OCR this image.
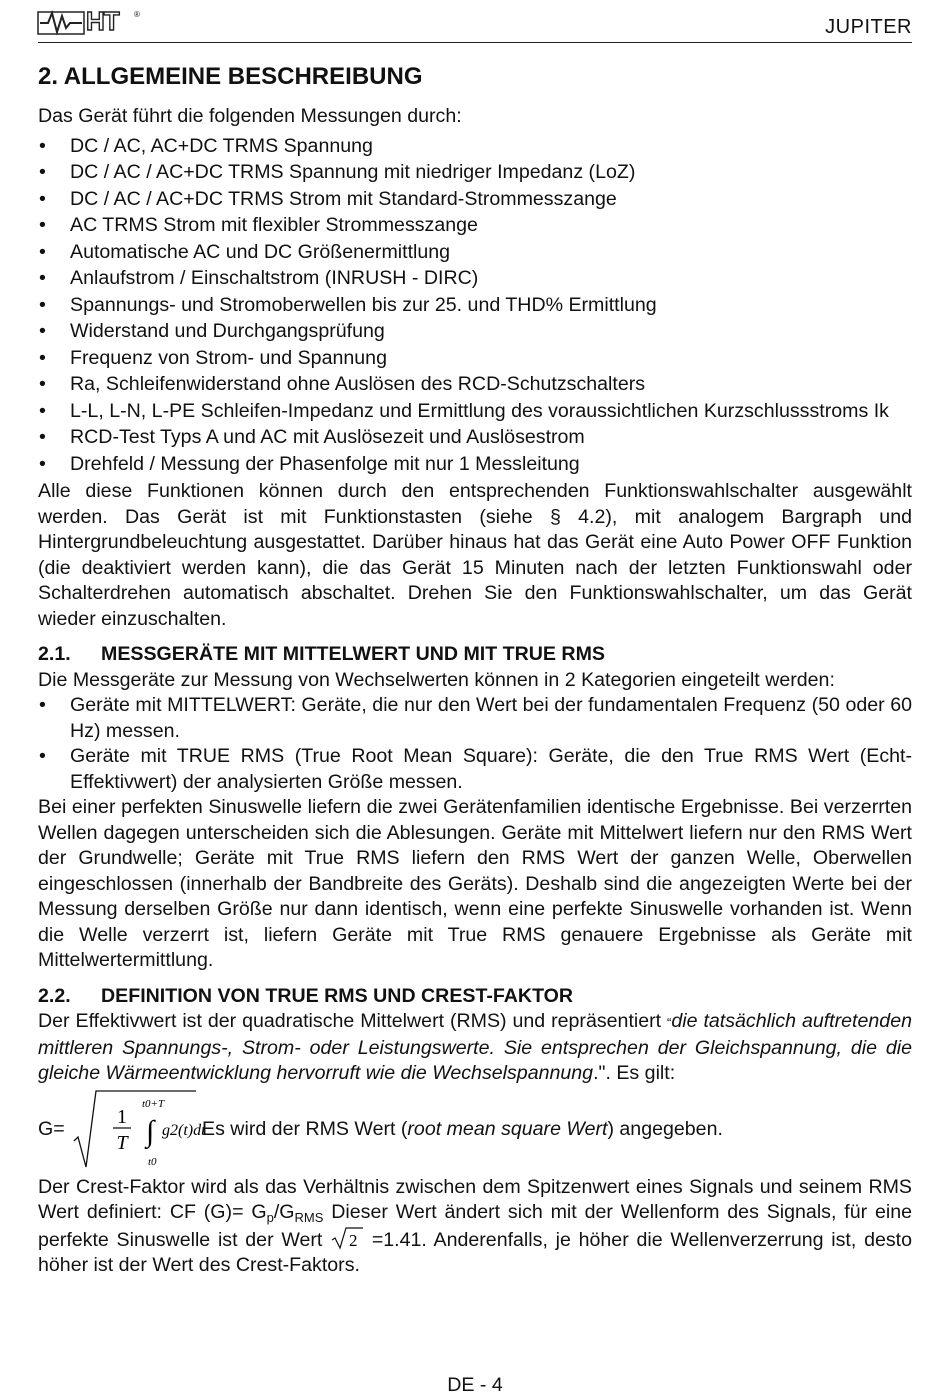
HT ®
JUPITER
2. ALLGEMEINE BESCHREIBUNG

Das Gerät führt die folgenden Messungen durch:

• DC / AC, AC+DC TRMS Spannung
• DC / AC / AC+DC TRMS Spannung mit niedriger Impedanz (LoZ)
• DC / AC / AC+DC TRMS Strom mit Standard-Strommesszange
• AC TRMS Strom mit flexibler Strommesszange
• Automatische AC und DC Größenermittlung
• Anlaufstrom / Einschaltstrom (INRUSH - DIRC)
• Spannungs- und Stromoberwellen bis zur 25. und THD% Ermittlung
• Widerstand und Durchgangsprüfung
• Frequenz von Strom- und Spannung
• Ra, Schleifenwiderstand ohne Auslösen des RCD-Schutzschalters
• L-L, L-N, L-PE Schleifen-Impedanz und Ermittlung des voraussichtlichen Kurzschlussstroms Ik
• RCD-Test Typs A und AC mit Auslösezeit und Auslösestrom
• Drehfeld / Messung der Phasenfolge mit nur 1 Messleitung

Alle diese Funktionen können durch den entsprechenden Funktionswahlschalter ausgewählt werden. Das Gerät ist mit Funktionstasten (siehe § 4.2), mit analogem Bargraph und Hintergrundbeleuchtung ausgestattet. Darüber hinaus hat das Gerät eine Auto Power OFF Funktion (die deaktiviert werden kann), die das Gerät 15 Minuten nach der letzten Funktionswahl oder Schalterdrehen automatisch abschaltet. Drehen Sie den Funktionswahlschalter, um das Gerät wieder einzuschalten.

2.1. MESSGERÄTE MIT MITTELWERT UND MIT TRUE RMS

Die Messgeräte zur Messung von Wechselwerten können in 2 Kategorien eingeteilt werden:

• Geräte mit MITTELWERT: Geräte, die nur den Wert bei der fundamentalen Frequenz (50 oder 60 Hz) messen.
• Geräte mit TRUE RMS (True Root Mean Square): Geräte, die den True RMS Wert (Echt-Effektivwert) der analysierten Größe messen.

Bei einer perfekten Sinuswelle liefern die zwei Gerätenfamilien identische Ergebnisse. Bei verzerrten Wellen dagegen unterscheiden sich die Ablesungen. Geräte mit Mittelwert liefern nur den RMS Wert der Grundwelle; Geräte mit True RMS liefern den RMS Wert der ganzen Welle, Oberwellen eingeschlossen (innerhalb der Bandbreite des Geräts). Deshalb sind die angezeigten Werte bei der Messung derselben Größe nur dann identisch, wenn eine perfekte Sinuswelle vorhanden ist. Wenn die Welle verzerrt ist, liefern Geräte mit True RMS genauere Ergebnisse als Geräte mit Mittelwertermittlung.

2.2. DEFINITION VON TRUE RMS UND CREST-FAKTOR

Der Effektivwert ist der quadratische Mittelwert (RMS) und repräsentiert “die tatsächlich auftretenden mittleren Spannungs-, Strom- oder Leistungswerte. Sie entsprechen der Gleichspannung, die die gleiche Wärmeentwicklung hervorruft wie die Wechselspannung.". Es gilt:

G=
1
T
t0+T
∫
t0
g2(t)dt
Es wird der RMS Wert (root mean square Wert) angegeben.

Der Crest-Faktor wird als das Verhältnis zwischen dem Spitzenwert eines Signals und seinem RMS Wert definiert: CF $(G)= G_p/G_{RMS}$ Dieser Wert ändert sich mit der Wellenform des Signals, für eine perfekte Sinuswelle ist der Wert 2 =1.41. Anderenfalls, je höher die Wellenverzerrung ist, desto höher ist der Wert des Crest-Faktors.

DE - 4
